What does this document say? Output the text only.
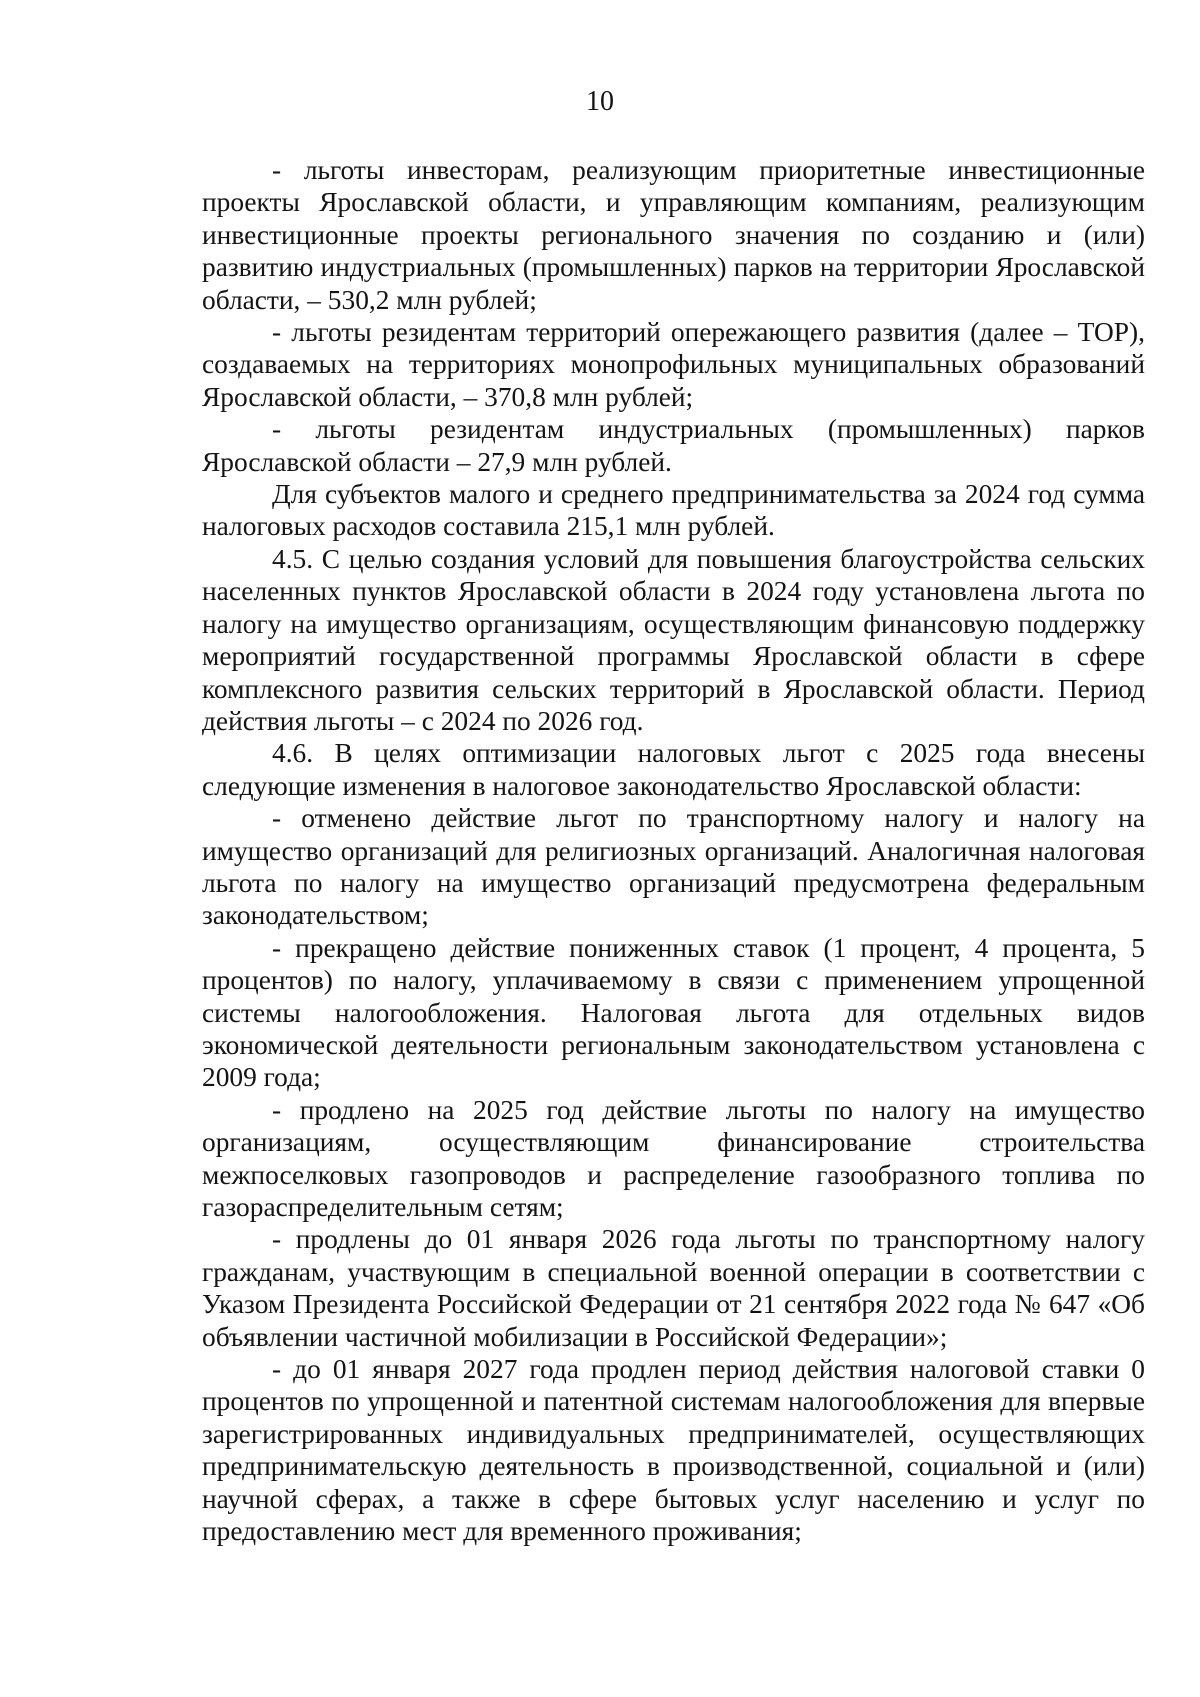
10

- льготы инвесторам, реализующим приоритетные инвестиционные проекты Ярославской области, и управляющим компаниям, реализующим инвестиционные проекты регионального значения по созданию и (или) развитию индустриальных (промышленных) парков на территории Ярославской области, – 530,2 млн рублей;

- льготы резидентам территорий опережающего развития (далее – ТОР), создаваемых на территориях монопрофильных муниципальных образований Ярославской области, – 370,8 млн рублей;

- льготы резидентам индустриальных (промышленных) парков Ярославской области – 27,9 млн рублей.

Для субъектов малого и среднего предпринимательства за 2024 год сумма налоговых расходов составила 215,1 млн рублей.

4.5. С целью создания условий для повышения благоустройства сельских населенных пунктов Ярославской области в 2024 году установлена льгота по налогу на имущество организациям, осуществляющим финансовую поддержку мероприятий государственной программы Ярославской области в сфере комплексного развития сельских территорий в Ярославской области. Период действия льготы – с 2024 по 2026 год.

4.6. В целях оптимизации налоговых льгот с 2025 года внесены следующие изменения в налоговое законодательство Ярославской области:

- отменено действие льгот по транспортному налогу и налогу на имущество организаций для религиозных организаций. Аналогичная налоговая льгота по налогу на имущество организаций предусмотрена федеральным законодательством;

- прекращено действие пониженных ставок (1 процент, 4 процента, 5 процентов) по налогу, уплачиваемому в связи с применением упрощенной системы налогообложения. Налоговая льгота для отдельных видов экономической деятельности региональным законодательством установлена с 2009 года;

- продлено на 2025 год действие льготы по налогу на имущество организациям, осуществляющим финансирование строительства межпоселковых газопроводов и распределение газообразного топлива по газораспределительным сетям;

- продлены до 01 января 2026 года льготы по транспортному налогу гражданам, участвующим в специальной военной операции в соответствии с Указом Президента Российской Федерации от 21 сентября 2022 года № 647 «Об объявлении частичной мобилизации в Российской Федерации»;

- до 01 января 2027 года продлен период действия налоговой ставки 0 процентов по упрощенной и патентной системам налогообложения для впервые зарегистрированных индивидуальных предпринимателей, осуществляющих предпринимательскую деятельность в производственной, социальной и (или) научной сферах, а также в сфере бытовых услуг населению и услуг по предоставлению мест для временного проживания;
